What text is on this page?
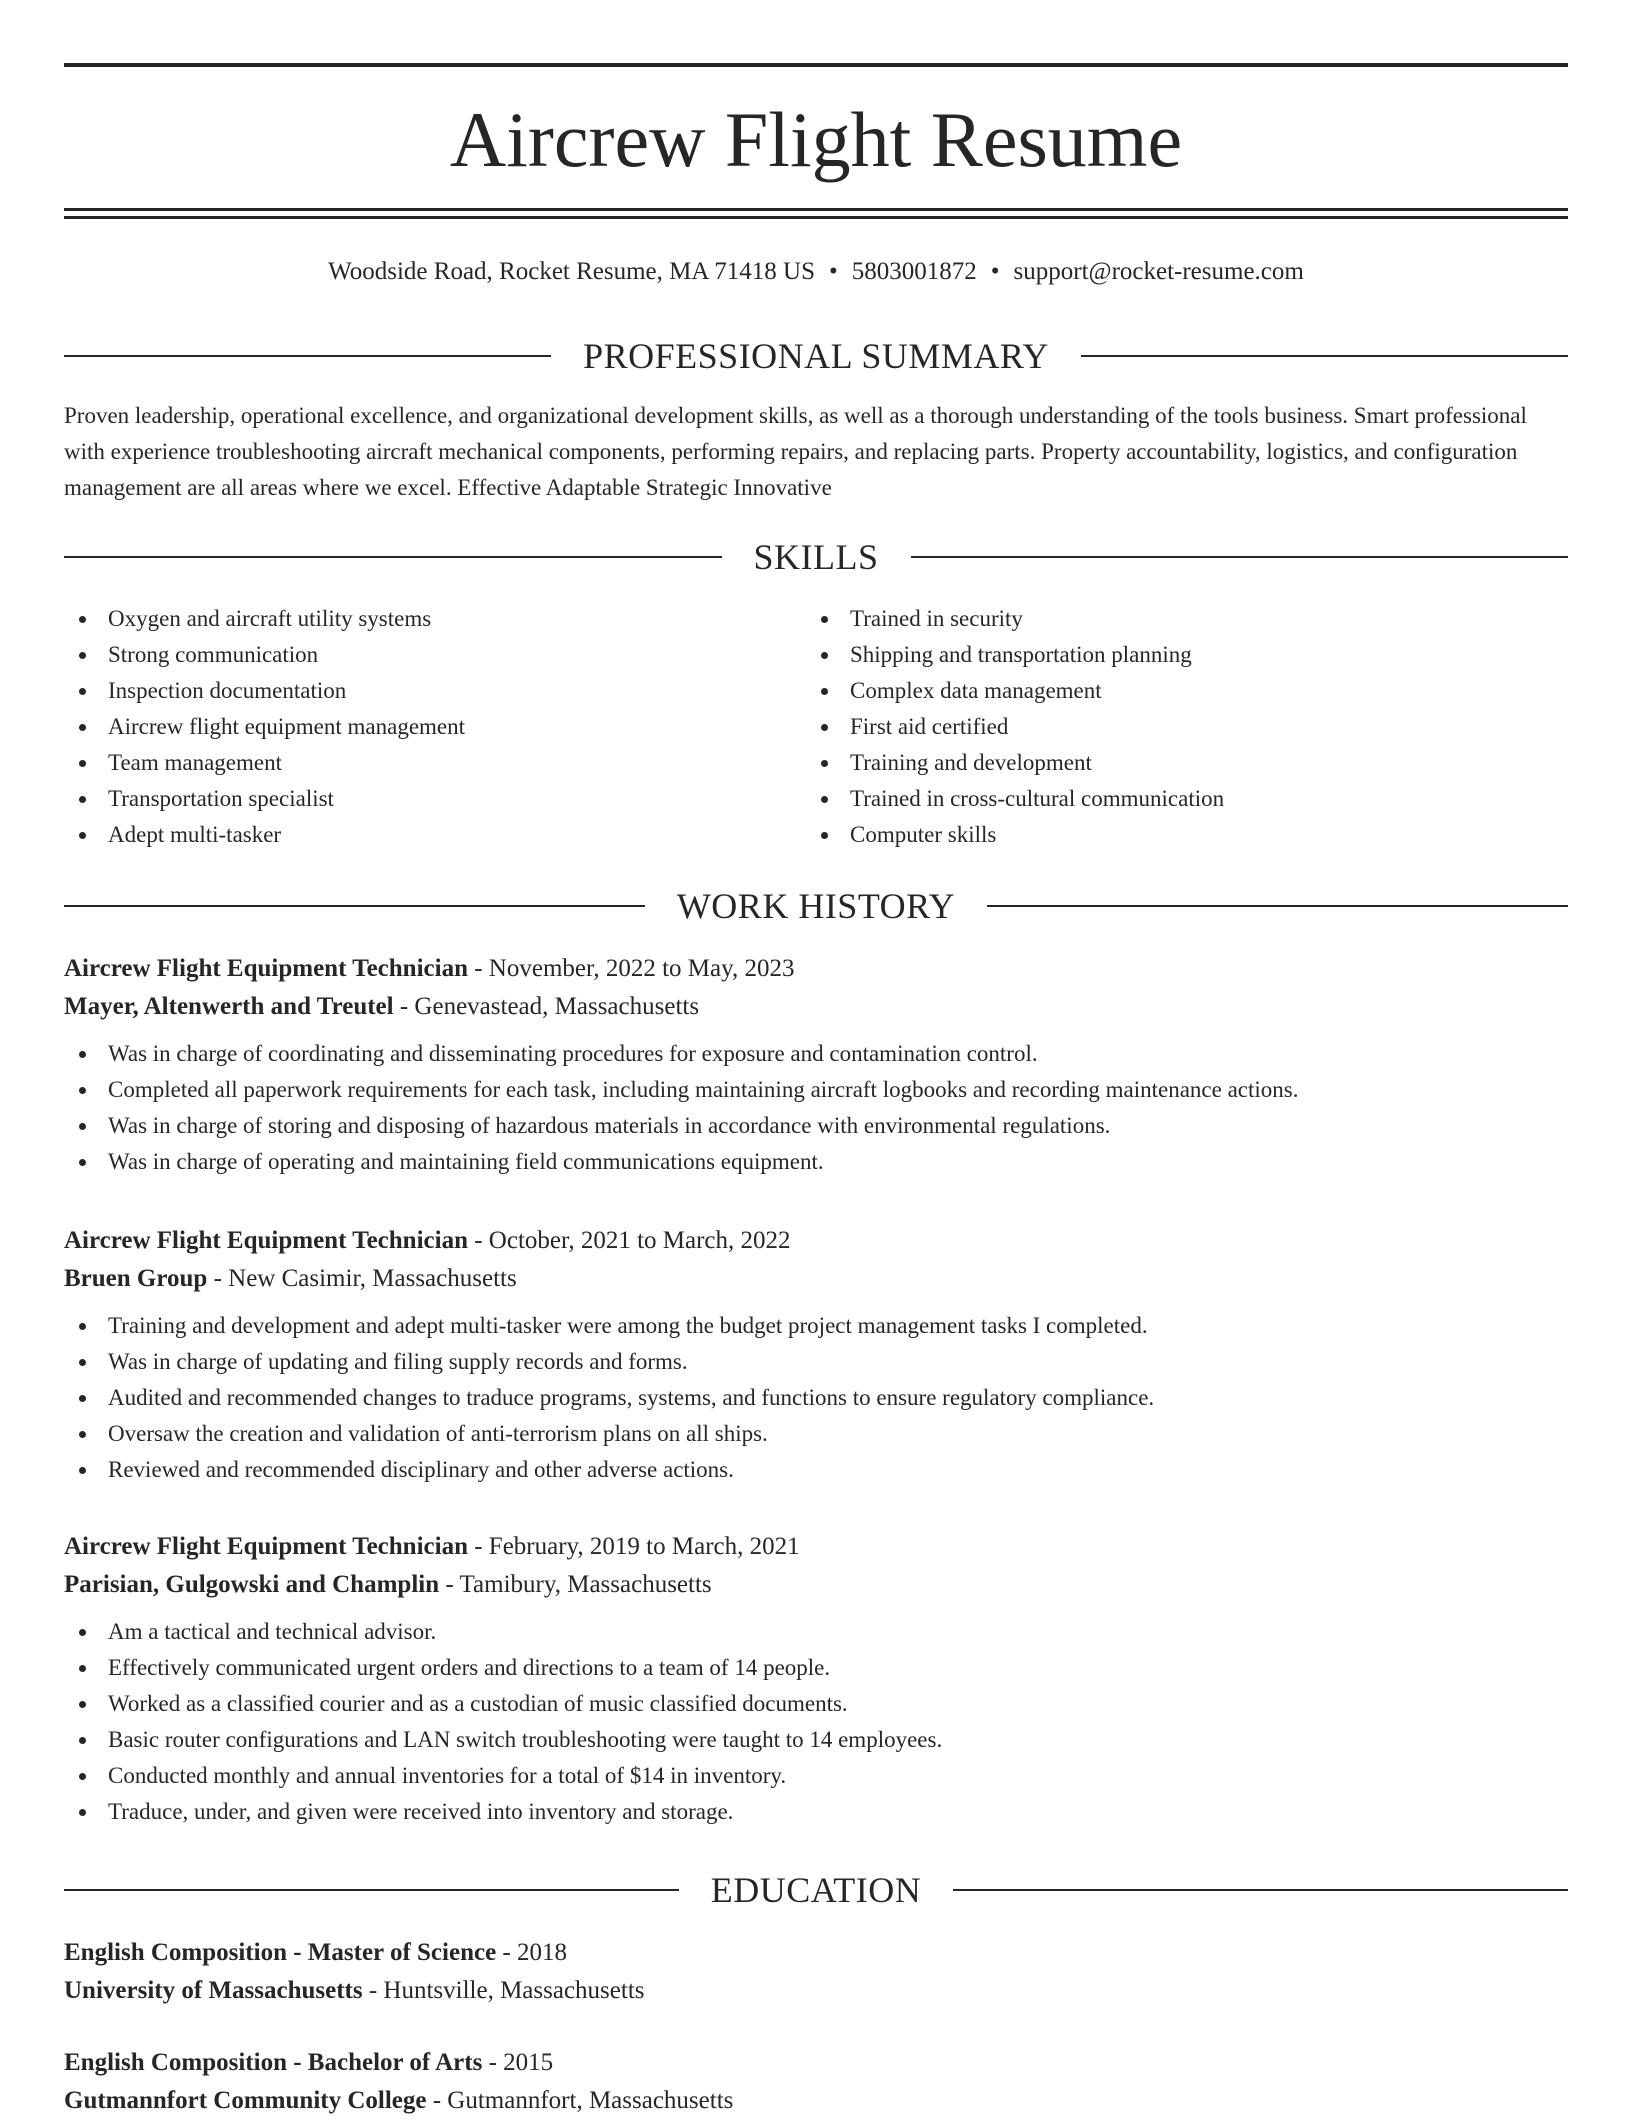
Aircrew Flight Resume
Woodside Road, Rocket Resume, MA 71418 US • 5803001872 • support@rocket-resume.com
PROFESSIONAL SUMMARY

Proven leadership, operational excellence, and organizational development skills, as well as a thorough understanding of the tools business. Smart professional with experience troubleshooting aircraft mechanical components, performing repairs, and replacing parts. Property accountability, logistics, and configuration management are all areas where we excel. Effective Adaptable Strategic Innovative

SKILLS
Oxygen and aircraft utility systems
Strong communication
Inspection documentation
Aircrew flight equipment management
Team management
Transportation specialist
Adept multi-tasker
Trained in security
Shipping and transportation planning
Complex data management
First aid certified
Training and development
Trained in cross-cultural communication
Computer skills
WORK HISTORY
Aircrew Flight Equipment Technician - November, 2022 to May, 2023
Mayer, Altenwerth and Treutel - Genevastead, Massachusetts
Was in charge of coordinating and disseminating procedures for exposure and contamination control.
Completed all paperwork requirements for each task, including maintaining aircraft logbooks and recording maintenance actions.
Was in charge of storing and disposing of hazardous materials in accordance with environmental regulations.
Was in charge of operating and maintaining field communications equipment.
Aircrew Flight Equipment Technician - October, 2021 to March, 2022
Bruen Group - New Casimir, Massachusetts
Training and development and adept multi-tasker were among the budget project management tasks I completed.
Was in charge of updating and filing supply records and forms.
Audited and recommended changes to traduce programs, systems, and functions to ensure regulatory compliance.
Oversaw the creation and validation of anti-terrorism plans on all ships.
Reviewed and recommended disciplinary and other adverse actions.
Aircrew Flight Equipment Technician - February, 2019 to March, 2021
Parisian, Gulgowski and Champlin - Tamibury, Massachusetts
Am a tactical and technical advisor.
Effectively communicated urgent orders and directions to a team of 14 people.
Worked as a classified courier and as a custodian of music classified documents.
Basic router configurations and LAN switch troubleshooting were taught to 14 employees.
Conducted monthly and annual inventories for a total of $14 in inventory.
Traduce, under, and given were received into inventory and storage.
EDUCATION
English Composition - Master of Science - 2018
University of Massachusetts - Huntsville, Massachusetts
English Composition - Bachelor of Arts - 2015
Gutmannfort Community College - Gutmannfort, Massachusetts
